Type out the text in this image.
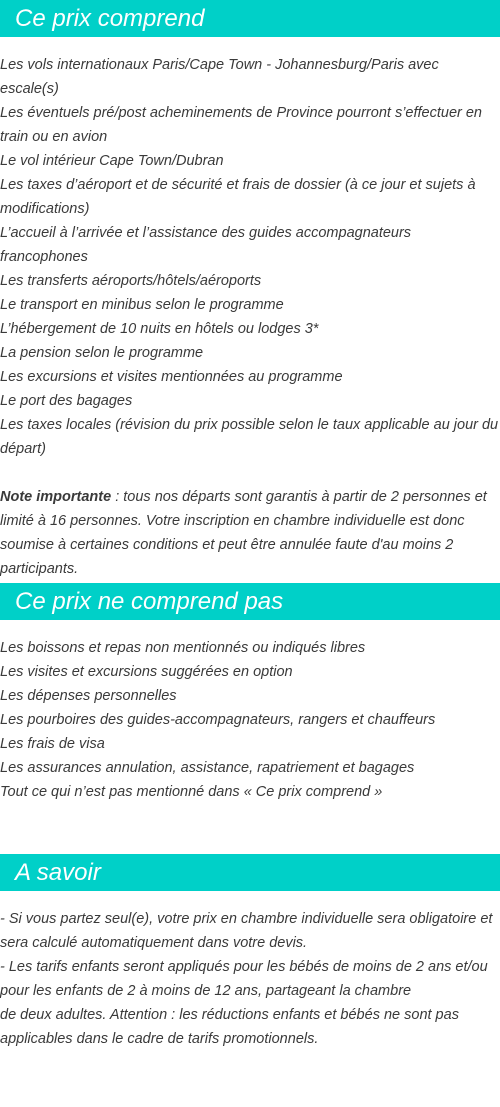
Ce prix comprend

Les vols internationaux Paris/Cape Town - Johannesburg/Paris avec escale(s)

Les éventuels pré/post acheminements de Province pourront s’effectuer en train ou en avion

Le vol intérieur Cape Town/Dubran

Les taxes d’aéroport et de sécurité et frais de dossier (à ce jour et sujets à modifications)

L’accueil à l’arrivée et l’assistance des guides accompagnateurs francophones

Les transferts aéroports/hôtels/aéroports

Le transport en minibus selon le programme

L’hébergement de 10 nuits en hôtels ou lodges 3*

La pension selon le programme

Les excursions et visites mentionnées au programme

Le port des bagages

Les taxes locales (révision du prix possible selon le taux applicable au jour du départ)

Note importante : tous nos départs sont garantis à partir de 2 personnes et limité à 16 personnes. Votre inscription en chambre individuelle est donc soumise à certaines conditions et peut être annulée faute d'au moins 2 participants.

Ce prix ne comprend pas

Les boissons et repas non mentionnés ou indiqués libres

Les visites et excursions suggérées en option

Les dépenses personnelles

Les pourboires des guides-accompagnateurs, rangers et chauffeurs

Les frais de visa

Les assurances annulation, assistance, rapatriement et bagages

Tout ce qui n’est pas mentionné dans « Ce prix comprend »

A savoir

- Si vous partez seul(e), votre prix en chambre individuelle sera obligatoire et sera calculé automatiquement dans votre devis.

- Les tarifs enfants seront appliqués pour les bébés de moins de 2 ans et/ou pour les enfants de 2 à moins de 12 ans, partageant la chambre

de deux adultes. Attention : les réductions enfants et bébés ne sont pas applicables dans le cadre de tarifs promotionnels.
